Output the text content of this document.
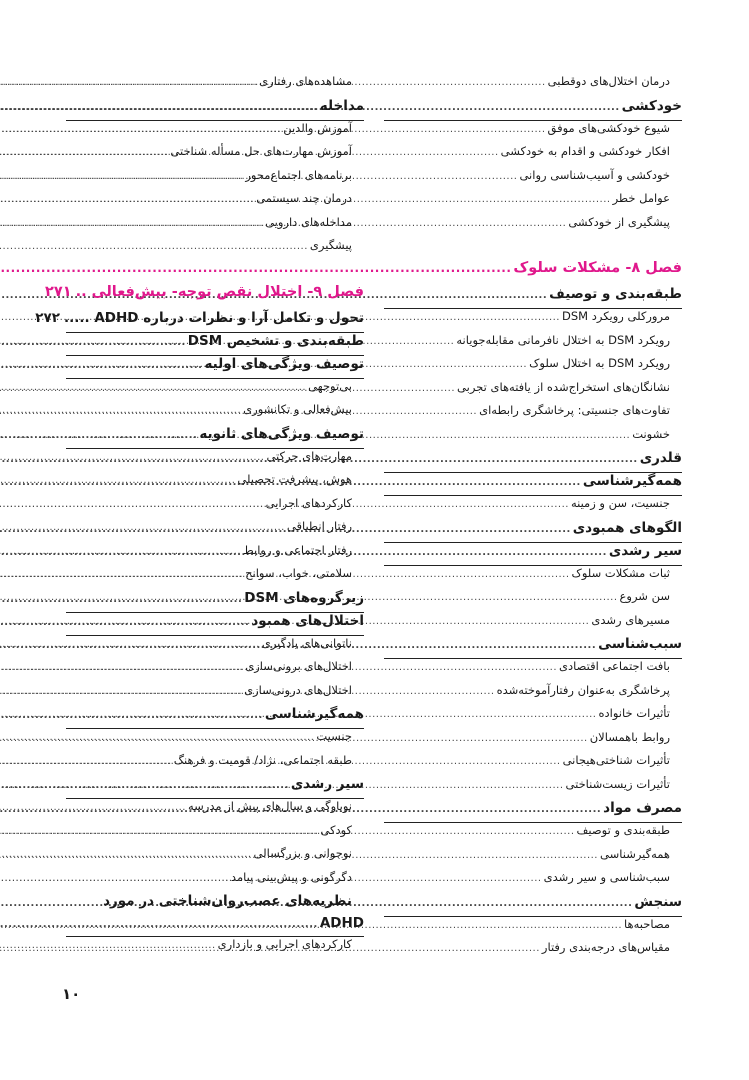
درمان اختلال‌های دوقطبی
.....
خودکشی
.....
شیوع خودکشی‌های موفق
.....
افکار خودکشی و اقدام به خودکشی
.....
خودکشی و آسیب‌شناسی روانی
.....
عوامل خطر
.....
پیشگیری از خودکشی
.....
فصل ۸- مشکلات سلوک
.....
طبقه‌بندی و توصیف
.....
مرورکلی رویکرد DSM
.....
رویکرد DSM به اختلال نافرمانی مقابله‌جویانه
.....
رویکرد DSM به اختلال سلوک
.....
نشانگان‌های استخراج‌شده از یافته‌های تجربی
.....
تفاوت‌های جنسیتی: پرخاشگری رابطه‌ای
.....
خشونت
.....
قلدری
.....
همه‌گیرشناسی
.....
جنسیت، سن و زمینه
.....
الگوهای همبودی
.....
سیر رشدی
.....
ثبات مشکلات سلوک
.....
سن شروع
.....
مسیرهای رشدی
.....
سبب‌شناسی
.....
بافت اجتماعی اقتصادی
.....
پرخاشگری به‌عنوان رفتارآموخته‌شده
.....
تأثیرات خانواده
.....
روابط باهمسالان
.....
تأثیرات شناختی‌هیجانی
.....
تأثیرات زیست‌شناختی
.....
مصرف مواد
.....
طبقه‌بندی و توصیف
.....
همه‌گیرشناسی
.....
سبب‌شناسی و سیر رشدی
.....
سنجش
.....
مصاحبه‌ها
.....
مقیاس‌های درجه‌بندی رفتار
.....
مشاهده‌های رفتاری
.....
مداخله
.....
آموزش والدین
.....
آموزش مهارت‌های حل مسأله شناختی
.....
برنامه‌های اجتماع‌محور
.....
درمان چند سیستمی
.....
مداخله‌های دارویی
.....
پیشگیری
.....
فصل ۹- اختلال نقص توجه- بیش‌فعالی ..
۲۷۱
تحول و تکامل آرا و نظرات درباره ADHD .....
۲۷۲
طبقه‌بندی و تشخیص DSM
.....
توصیف ویژگی‌های اولیه
.....
بی‌توجهی
.....
بیش‌فعالی و تکانشوری
.....
توصیف ویژگی‌های ثانویه
.....
مهارت‌های حرکتی
.....
هوش، پیشرفت تحصیلی
.....
کارکردهای اجرایی
.....
رفتار انطباقی
.....
رفتار اجتماعی و روابط
.....
سلامتی، خواب، سوانح
.....
زیرگروه‌های DSM
.....
اختلال‌های همبود
.....
ناتوانی‌های یادگیری
.....
اختلال‌های برونی‌سازی
.....
اختلال‌های درونی‌سازی
.....
همه‌گیرشناسی
.....
جنسیت
.....
طبقه اجتماعی، نژاد/ قومیت و فرهنگ
.....
سیر رشدی
.....
نوباوگی و سال‌های پیش از مدرسه
.....
کودکی
.....
نوجوانی و بزرگسالی
.....
دگرگونی و پیش‌بینی پیامد
.....
نظریه‌های عصب‌روان‌شناختی در مورد
ADHD
.....
کارکردهای اجرایی و بازداری
.....
۱۰
